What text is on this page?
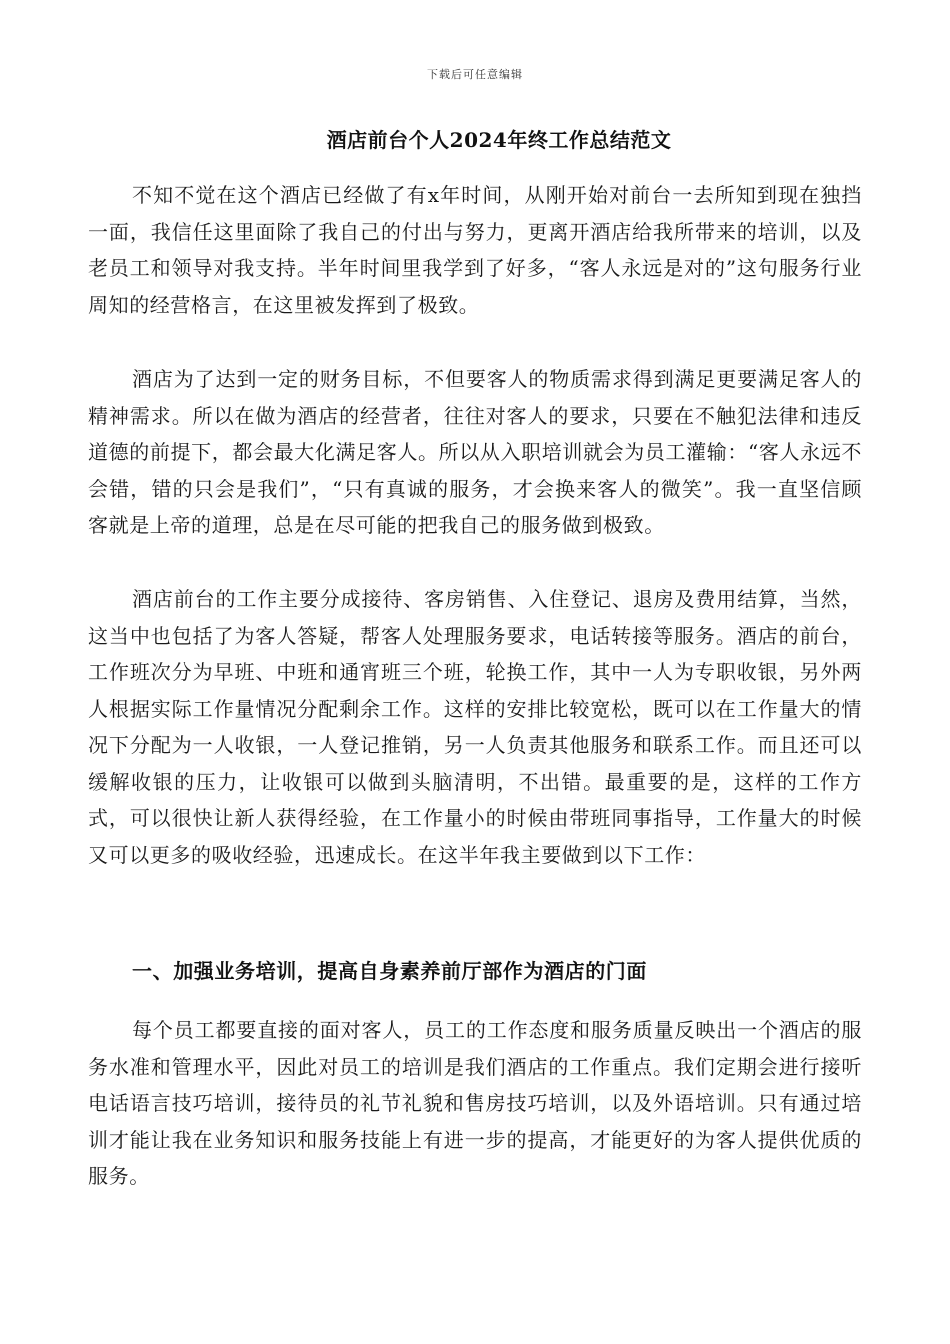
下载后可任意编辑
酒店前台个人2024年终工作总结范文

不知不觉在这个酒店已经做了有x年时间，从刚开始对前台一去所知到现在独挡一面，我信任这里面除了我自己的付出与努力，更离开酒店给我所带来的培训，以及老员工和领导对我支持。半年时间里我学到了好多，“客人永远是对的”这句服务行业周知的经营格言，在这里被发挥到了极致。

酒店为了达到一定的财务目标，不但要客人的物质需求得到满足更要满足客人的精神需求。所以在做为酒店的经营者，往往对客人的要求，只要在不触犯法律和违反道德的前提下，都会最大化满足客人。所以从入职培训就会为员工灌输：“客人永远不会错，错的只会是我们”，“只有真诚的服务，才会换来客人的微笑”。我一直坚信顾客就是上帝的道理，总是在尽可能的把我自己的服务做到极致。

酒店前台的工作主要分成接待、客房销售、入住登记、退房及费用结算，当然，这当中也包括了为客人答疑，帮客人处理服务要求，电话转接等服务。酒店的前台，工作班次分为早班、中班和通宵班三个班，轮换工作，其中一人为专职收银，另外两人根据实际工作量情况分配剩余工作。这样的安排比较宽松，既可以在工作量大的情况下分配为一人收银，一人登记推销，另一人负责其他服务和联系工作。而且还可以缓解收银的压力，让收银可以做到头脑清明，不出错。最重要的是，这样的工作方式，可以很快让新人获得经验，在工作量小的时候由带班同事指导，工作量大的时候又可以更多的吸收经验，迅速成长。在这半年我主要做到以下工作：

一、加强业务培训，提高自身素养前厅部作为酒店的门面

每个员工都要直接的面对客人，员工的工作态度和服务质量反映出一个酒店的服务水准和管理水平，因此对员工的培训是我们酒店的工作重点。我们定期会进行接听电话语言技巧培训，接待员的礼节礼貌和售房技巧培训，以及外语培训。只有通过培训才能让我在业务知识和服务技能上有进一步的提高，才能更好的为客人提供优质的服务。
